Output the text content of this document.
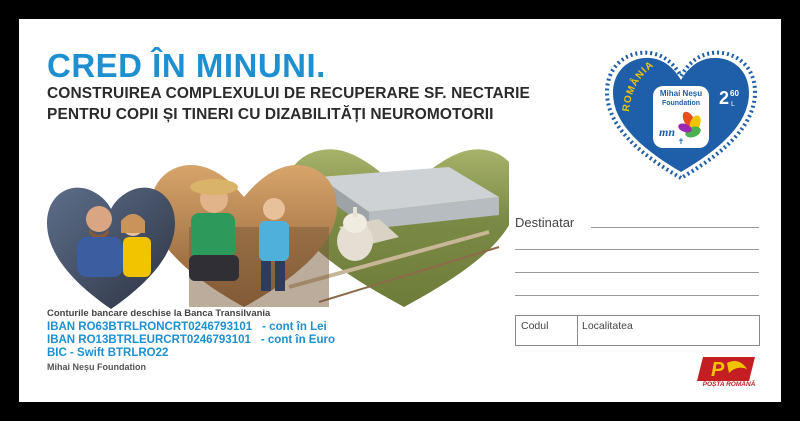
CRED ÎN MINUNI.
CONSTRUIREA COMPLEXULUI DE RECUPERARE SF. NECTARIE
PENTRU COPII ȘI TINERI CU DIZABILITĂȚI NEUROMOTORII
Conturile bancare deschise la Banca Transilvania
IBAN RO63BTRLRONCRT0246793101 - cont în Lei
IBAN RO13BTRLEURCRT0246793101 - cont în Euro
BIC - Swift BTRLRO22
Mihai Neșu Foundation
Destinatar
Codul	Localitatea
ROMÂNIA
Mihai Neșu
Foundation
mn
✝
2 60
L
P
POȘTA ROMÂNĂ
